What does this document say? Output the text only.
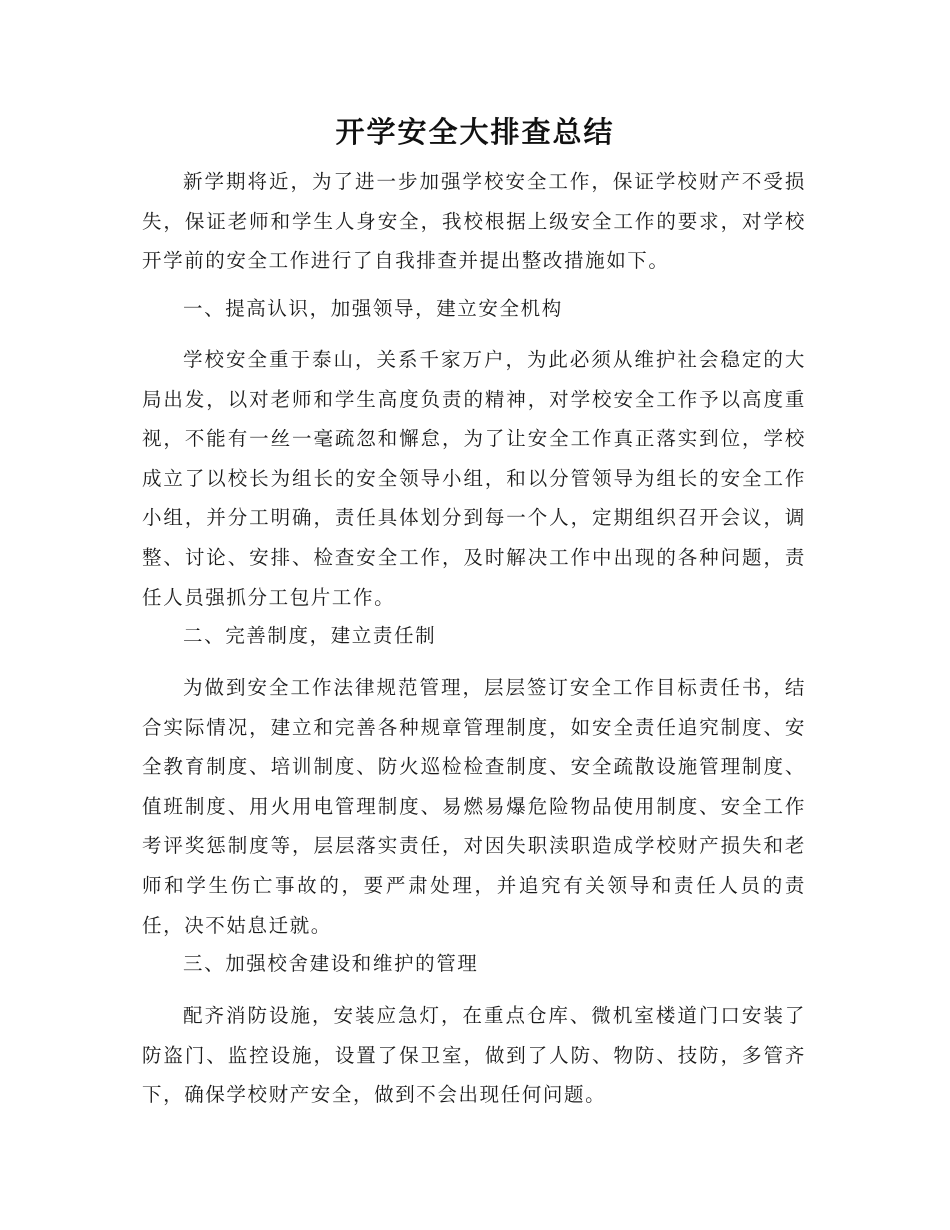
开学安全大排查总结

新学期将近，为了进一步加强学校安全工作，保证学校财产不受损失，保证老师和学生人身安全，我校根据上级安全工作的要求，对学校开学前的安全工作进行了自我排查并提出整改措施如下。

一、提高认识，加强领导，建立安全机构

学校安全重于泰山，关系千家万户，为此必须从维护社会稳定的大局出发，以对老师和学生高度负责的精神，对学校安全工作予以高度重视，不能有一丝一毫疏忽和懈怠，为了让安全工作真正落实到位，学校成立了以校长为组长的安全领导小组，和以分管领导为组长的安全工作小组，并分工明确，责任具体划分到每一个人，定期组织召开会议，调整、讨论、安排、检查安全工作，及时解决工作中出现的各种问题，责任人员强抓分工包片工作。

二、完善制度，建立责任制

为做到安全工作法律规范管理，层层签订安全工作目标责任书，结合实际情况，建立和完善各种规章管理制度，如安全责任追究制度、安全教育制度、培训制度、防火巡检检查制度、安全疏散设施管理制度、值班制度、用火用电管理制度、易燃易爆危险物品使用制度、安全工作考评奖惩制度等，层层落实责任，对因失职渎职造成学校财产损失和老师和学生伤亡事故的，要严肃处理，并追究有关领导和责任人员的责任，决不姑息迁就。

三、加强校舍建设和维护的管理

配齐消防设施，安装应急灯，在重点仓库、微机室楼道门口安装了防盗门、监控设施，设置了保卫室，做到了人防、物防、技防，多管齐下，确保学校财产安全，做到不会出现任何问题。
